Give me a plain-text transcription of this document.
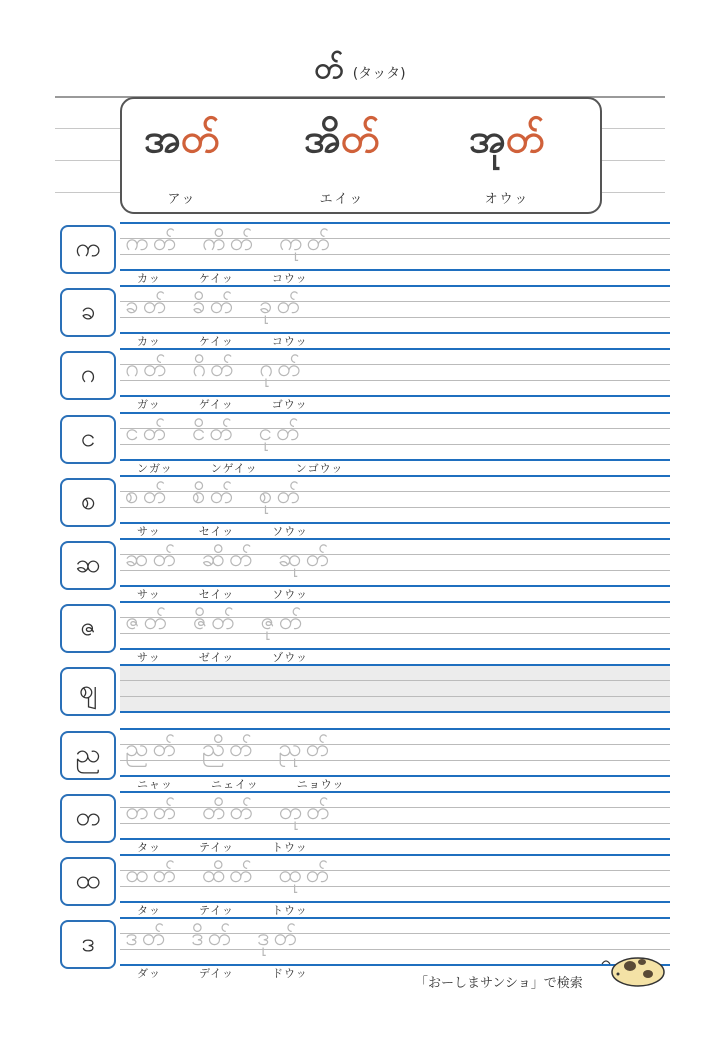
တ် (タッタ)
အတ်
アッ
အိတ်
エイッ
အုတ်
オウッ
က	ကတ် ကိတ် ကုတ်
カッ	ケイッ	コウッ
ခ	ခတ် ခိတ် ခုတ်
カッ	ケイッ	コウッ
ဂ	ဂတ် ဂိတ် ဂုတ်
ガッ	ゲイッ	ゴウッ
င	ငတ် ငိတ် ငုတ်
ンガッ	ンゲイッ	ンゴウッ
စ	စတ် စိတ် စုတ်
サッ	セイッ	ソウッ
ဆ	ဆတ် ဆိတ် ဆုတ်
サッ	セイッ	ソウッ
ဇ	ဇတ် ဇိတ် ဇုတ်
サッ	ゼイッ	ゾウッ
ဈ
ည	ညတ် ညိတ် ညုတ်
ニャッ	ニェイッ	ニョウッ
တ	တတ် တိတ် တုတ်
タッ	テイッ	トウッ
ထ	ထတ် ထိတ် ထုတ်
タッ	テイッ	トウッ
ဒ	ဒတ် ဒိတ် ဒုတ်
ダッ	デイッ	ドウッ
「おーしまサンショ」で検索
